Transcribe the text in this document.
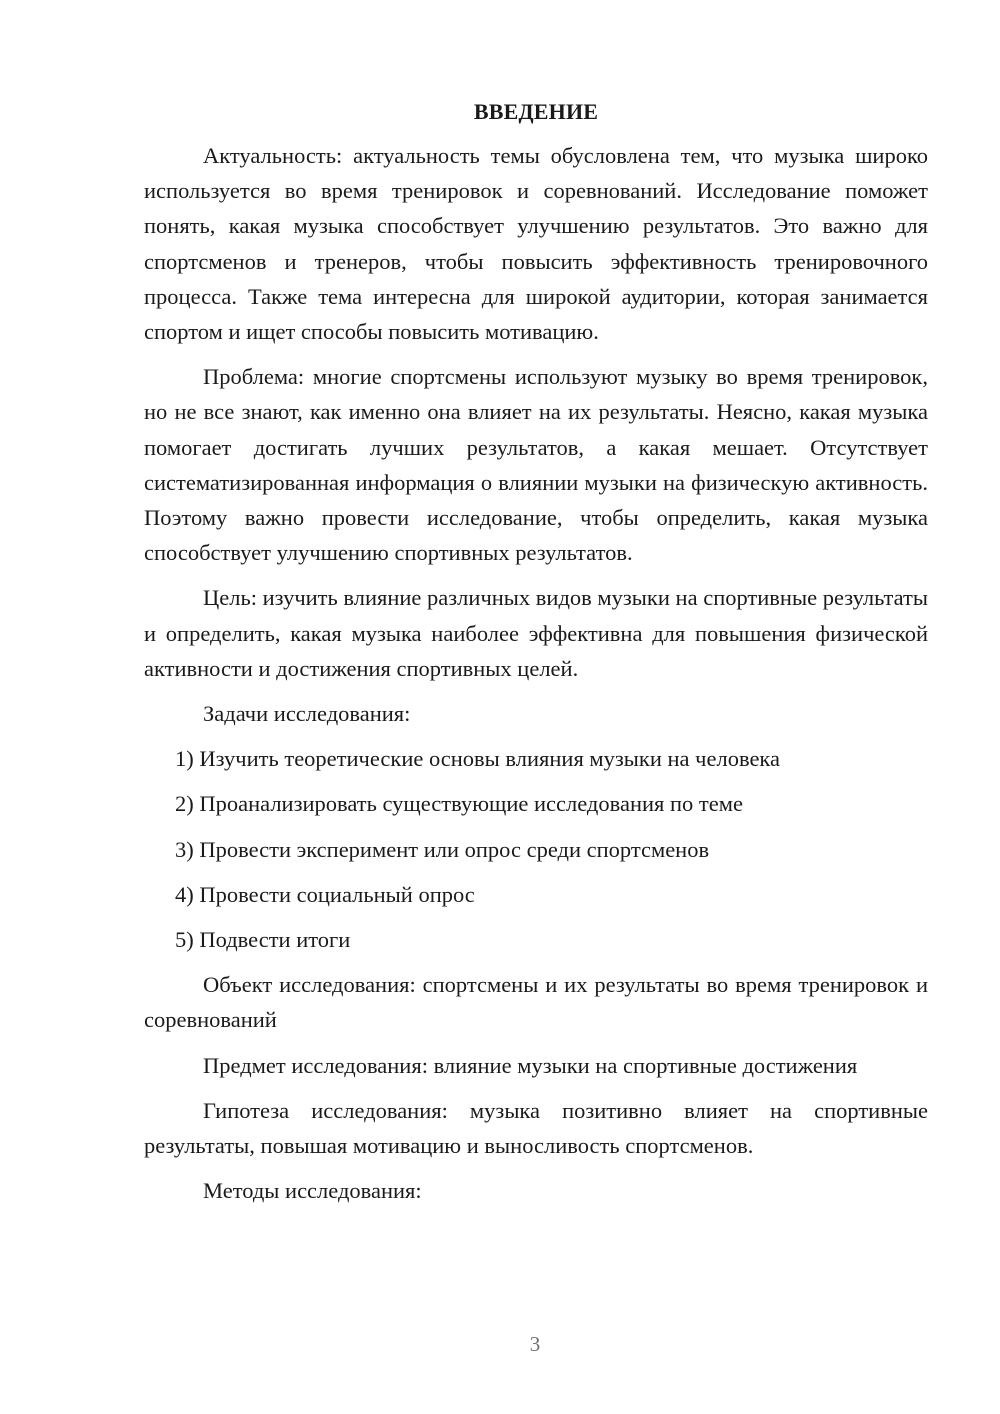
ВВЕДЕНИЕ

Актуальность: актуальность темы обусловлена тем, что музыка широко используется во время тренировок и соревнований. Исследование поможет понять, какая музыка способствует улучшению результатов. Это важно для спортсменов и тренеров, чтобы повысить эффективность тренировочного процесса. Также тема интересна для широкой аудитории, которая занимается спортом и ищет способы повысить мотивацию.

Проблема: многие спортсмены используют музыку во время тренировок, но не все знают, как именно она влияет на их результаты. Неясно, какая музыка помогает достигать лучших результатов, а какая мешает. Отсутствует систематизированная информация о влиянии музыки на физическую активность. Поэтому важно провести исследование, чтобы определить, какая музыка способствует улучшению спортивных результатов.

Цель: изучить влияние различных видов музыки на спортивные результаты и определить, какая музыка наиболее эффективна для повышения физической активности и достижения спортивных целей.

Задачи исследования:

1) Изучить теоретические основы влияния музыки на человека
2) Проанализировать существующие исследования по теме
3) Провести эксперимент или опрос среди спортсменов
4) Провести социальный опрос
5) Подвести итоги

Объект исследования: спортсмены и их результаты во время тренировок и соревнований

Предмет исследования: влияние музыки на спортивные достижения

Гипотеза исследования: музыка позитивно влияет на спортивные результаты, повышая мотивацию и выносливость спортсменов.

Методы исследования:

3
